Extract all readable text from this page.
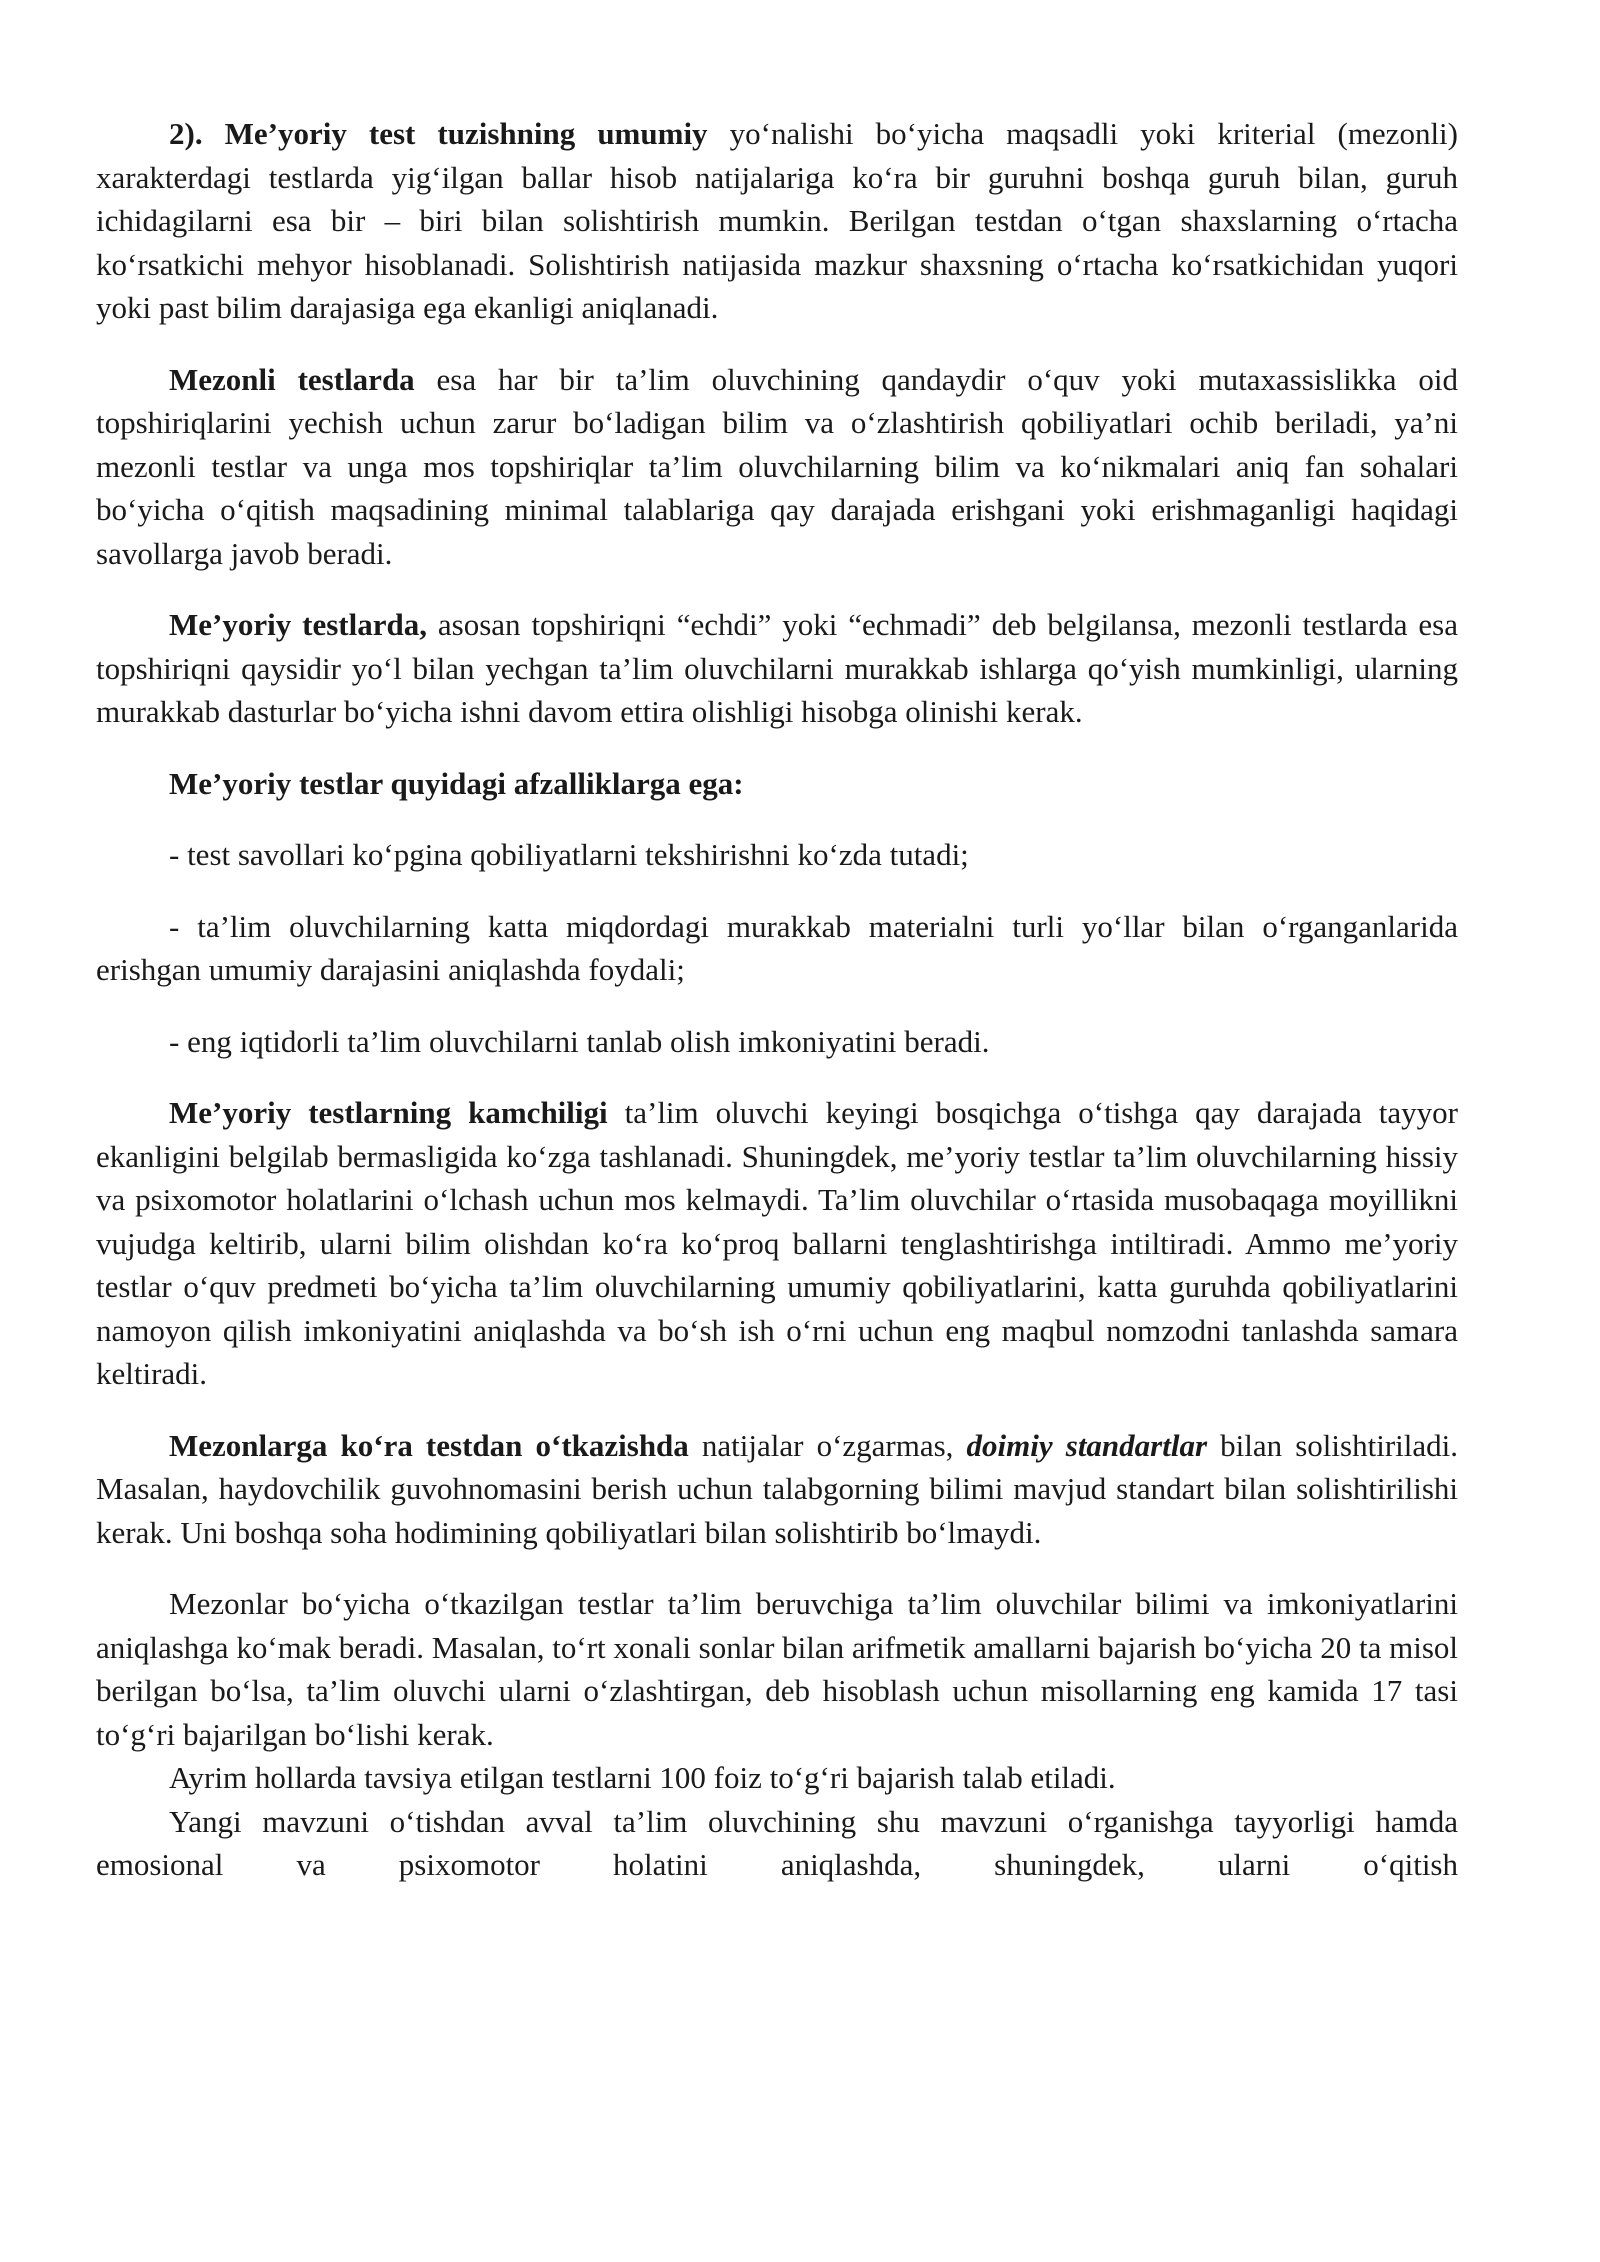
2). Me’yoriy test tuzishning umumiy yo‘nalishi bo‘yicha maqsadli yoki kriterial (mezonli) xarakterdagi testlarda yig‘ilgan ballar hisob natijalariga ko‘ra bir guruhni boshqa guruh bilan, guruh ichidagilarni esa bir – biri bilan solishtirish mumkin. Berilgan testdan o‘tgan shaxslarning o‘rtacha ko‘rsatkichi mehyor hisoblanadi. Solishtirish natijasida mazkur shaxsning o‘rtacha ko‘rsatkichidan yuqori yoki past bilim darajasiga ega ekanligi aniqlanadi.

Mezonli testlarda esa har bir ta’lim oluvchining qandaydir o‘quv yoki mutaxassislikka oid topshiriqlarini yechish uchun zarur bo‘ladigan bilim va o‘zlashtirish qobiliyatlari ochib beriladi, ya’ni mezonli testlar va unga mos topshiriqlar ta’lim oluvchilarning bilim va ko‘nikmalari aniq fan sohalari bo‘yicha o‘qitish maqsadining minimal talablariga qay darajada erishgani yoki erishmaganligi haqidagi savollarga javob beradi.

Me’yoriy testlarda, asosan topshiriqni “echdi” yoki “echmadi” deb belgilansa, mezonli testlarda esa topshiriqni qaysidir yo‘l bilan yechgan ta’lim oluvchilarni murakkab ishlarga qo‘yish mumkinligi, ularning murakkab dasturlar bo‘yicha ishni davom ettira olishligi hisobga olinishi kerak.

Me’yoriy testlar quyidagi afzalliklarga ega:

- test savollari ko‘pgina qobiliyatlarni tekshirishni ko‘zda tutadi;

- ta’lim oluvchilarning katta miqdordagi murakkab materialni turli yo‘llar bilan o‘rganganlarida erishgan umumiy darajasini aniqlashda foydali;

- eng iqtidorli ta’lim oluvchilarni tanlab olish imkoniyatini beradi.

Me’yoriy testlarning kamchiligi ta’lim oluvchi keyingi bosqichga o‘tishga qay darajada tayyor ekanligini belgilab bermasligida ko‘zga tashlanadi. Shuningdek, me’yoriy testlar ta’lim oluvchilarning hissiy va psixomotor holatlarini o‘lchash uchun mos kelmaydi. Ta’lim oluvchilar o‘rtasida musobaqaga moyillikni vujudga keltirib, ularni bilim olishdan ko‘ra ko‘proq ballarni tenglashtirishga intiltiradi. Ammo me’yoriy testlar o‘quv predmeti bo‘yicha ta’lim oluvchilarning umumiy qobiliyatlarini, katta guruhda qobiliyatlarini namoyon qilish imkoniyatini aniqlashda va bo‘sh ish o‘rni uchun eng maqbul nomzodni tanlashda samara keltiradi.

Mezonlarga ko‘ra testdan o‘tkazishda natijalar o‘zgarmas, doimiy standartlar bilan solishtiriladi. Masalan, haydovchilik guvohnomasini berish uchun talabgorning bilimi mavjud standart bilan solishtirilishi kerak. Uni boshqa soha hodimining qobiliyatlari bilan solishtirib bo‘lmaydi.

Mezonlar bo‘yicha o‘tkazilgan testlar ta’lim beruvchiga ta’lim oluvchilar bilimi va imkoniyatlarini aniqlashga ko‘mak beradi. Masalan, to‘rt xonali sonlar bilan arifmetik amallarni bajarish bo‘yicha 20 ta misol berilgan bo‘lsa, ta’lim oluvchi ularni o‘zlashtirgan, deb hisoblash uchun misollarning eng kamida 17 tasi to‘g‘ri bajarilgan bo‘lishi kerak.

Ayrim hollarda tavsiya etilgan testlarni 100 foiz to‘g‘ri bajarish talab etiladi.

Yangi mavzuni o‘tishdan avval ta’lim oluvchining shu mavzuni o‘rganishga tayyorligi hamda emosional va psixomotor holatini aniqlashda, shuningdek, ularni o‘qitish
